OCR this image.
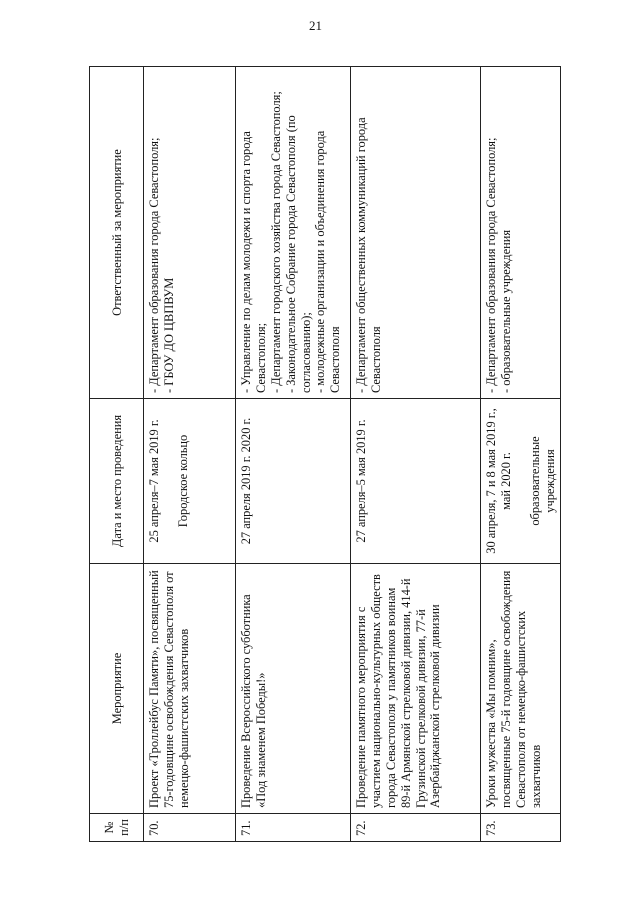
21
№ п/п	Мероприятие	Дата и место проведения	Ответственный за мероприятие
70.	Проект «Троллейбус Памяти», посвященный 75-годовщине освобождения Севастополя от немецко-фашистских захватчиков	25 апреля–7 мая 2019 г. Городское кольцо	- Департамент образования города Севастополя; - ГБОУ ДО ЦВПВУМ

71.	Проведение Всероссийского субботника «Под знаменем Победы!»	27 апреля 2019 г. 2020 г.	- Управление по делам молодежи и спорта города Севастополя; - Департамент городского хозяйства города Севастополя; - Законодательное Собрание города Севастополя (по согласованию); - молодежные организации и объединения города Севастополя

72.	Проведение памятного мероприятия с участием национально-культурных обществ города Севастополя у памятников воинам 89-й Армянской стрелковой дивизии, 414-й Грузинской стрелковой дивизии, 77-й Азербайджанской стрелковой дивизии	27 апреля–5 мая 2019 г.	- Департамент общественных коммуникаций города Севастополя

73.	Уроки мужества «Мы помним», посвященные 75-й годовщине освобождения Севастополя от немецко-фашистских захватчиков	30 апреля, 7 и 8 мая 2019 г., май 2020 г. образовательные учреждения	- Департамент образования города Севастополя; - образовательные учреждения
